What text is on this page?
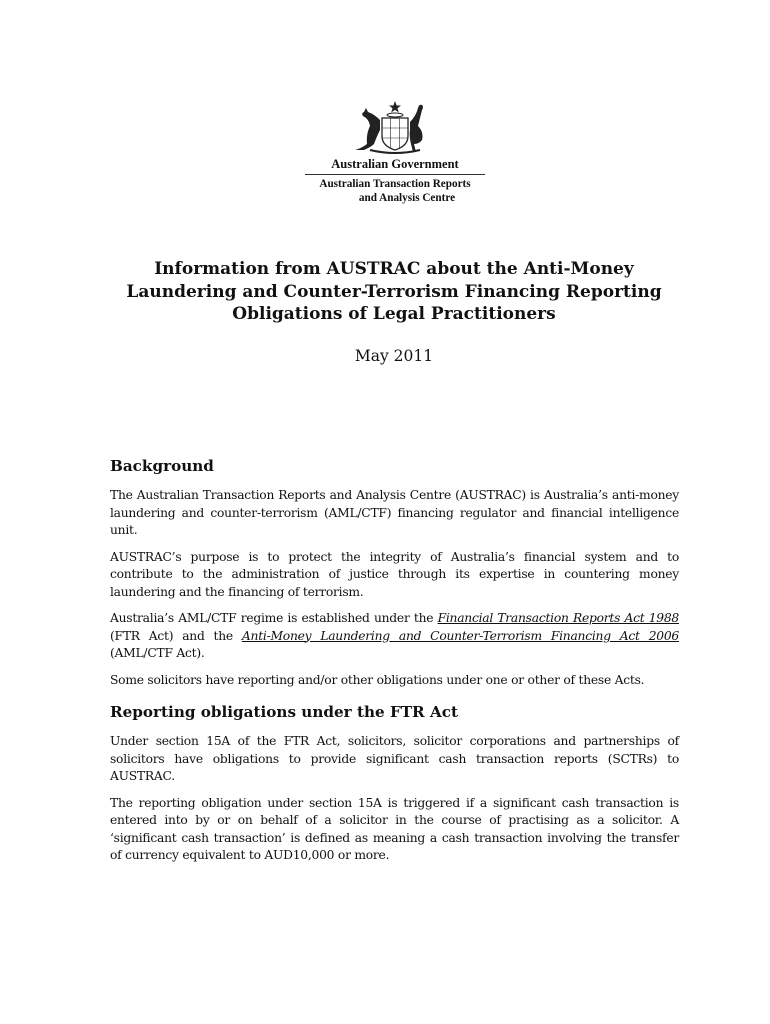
Australian Government
Australian Transaction Reports
and Analysis Centre
Information from AUSTRAC about the Anti-Money Laundering and Counter-Terrorism Financing Reporting Obligations of Legal Practitioners
May 2011
Background

The Australian Transaction Reports and Analysis Centre (AUSTRAC) is Australia’s anti-money laundering and counter-terrorism (AML/CTF) financing regulator and financial intelligence unit.

AUSTRAC’s purpose is to protect the integrity of Australia’s financial system and to contribute to the administration of justice through its expertise in countering money laundering and the financing of terrorism.

Australia’s AML/CTF regime is established under the Financial Transaction Reports Act 1988 (FTR Act) and the Anti-Money Laundering and Counter-Terrorism Financing Act 2006 (AML/CTF Act).

Some solicitors have reporting and/or other obligations under one or other of these Acts.

Reporting obligations under the FTR Act

Under section 15A of the FTR Act, solicitors, solicitor corporations and partnerships of solicitors have obligations to provide significant cash transaction reports (SCTRs) to AUSTRAC.

The reporting obligation under section 15A is triggered if a significant cash transaction is entered into by or on behalf of a solicitor in the course of practising as a solicitor. A ‘significant cash transaction’ is defined as meaning a cash transaction involving the transfer of currency equivalent to AUD10,000 or more.
